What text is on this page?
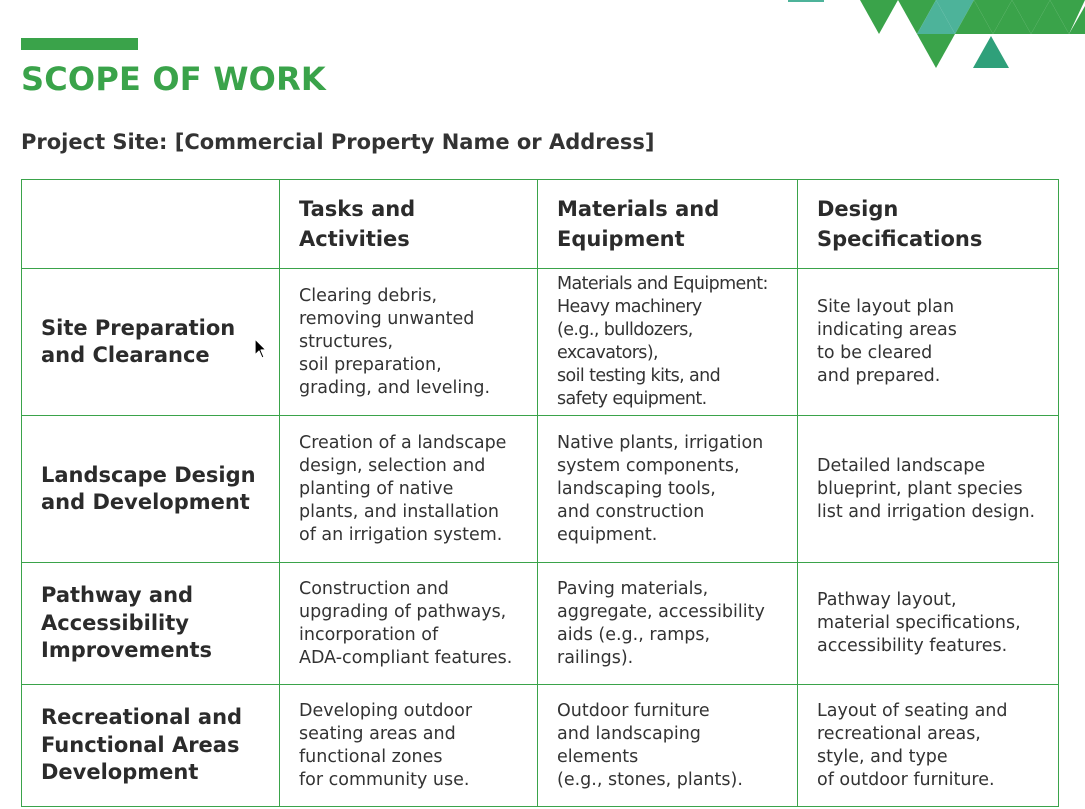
SCOPE OF WORK
Project Site: [Commercial Property Name or Address]
	Tasks and Activities	Materials and Equipment	Design Specifications
Site Preparation and Clearance	Clearing debris,
removing unwanted
structures,
soil preparation,
grading, and leveling.	Materials and Equipment:
Heavy machinery
(e.g., bulldozers, excavators),
soil testing kits, and
safety equipment.	Site layout plan
indicating areas
to be cleared
and prepared.
Landscape Design and Development	Creation of a landscape
design, selection and
planting of native
plants, and installation
of an irrigation system.	Native plants, irrigation
system components,
landscaping tools,
and construction
equipment.	Detailed landscape
blueprint, plant species
list and irrigation design.
Pathway and Accessibility Improvements	Construction and
upgrading of pathways,
incorporation of
ADA-compliant features.	Paving materials,
aggregate, accessibility
aids (e.g., ramps, railings).	Pathway layout,
material specifications,
accessibility features.
Recreational and Functional Areas Development	Developing outdoor
seating areas and
functional zones
for community use.	Outdoor furniture
and landscaping
elements
(e.g., stones, plants).	Layout of seating and
recreational areas,
style, and type
of outdoor furniture.
